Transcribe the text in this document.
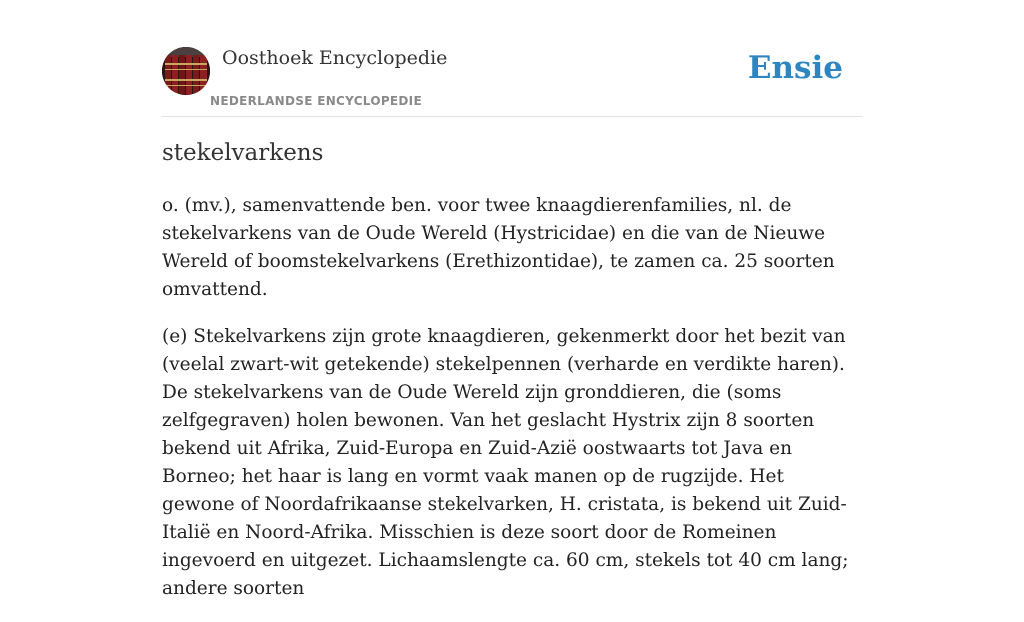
Oosthoek Encyclopedie
NEDERLANDSE ENCYCLOPEDIE
Ensie
stekelvarkens

o. (mv.), samenvattende ben. voor twee knaagdierenfamilies, nl. de stekelvarkens van de Oude Wereld (Hystricidae) en die van de Nieuwe Wereld of boomstekelvarkens (Erethizontidae), te zamen ca. 25 soorten omvattend.

(e) Stekelvarkens zijn grote knaagdieren, gekenmerkt door het bezit van (veelal zwart-wit getekende) stekelpennen (verharde en verdikte haren). De stekelvarkens van de Oude Wereld zijn gronddieren, die (soms zelfgegraven) holen bewonen. Van het geslacht Hystrix zijn 8 soorten bekend uit Afrika, Zuid-Europa en Zuid-Azië oostwaarts tot Java en Borneo; het haar is lang en vormt vaak manen op de rugzijde. Het gewone of Noordafrikaanse stekelvarken, H. cristata, is bekend uit Zuid-Italië en Noord-Afrika. Misschien is deze soort door de Romeinen ingevoerd en uitgezet. Lichaamslengte ca. 60 cm, stekels tot 40 cm lang; andere soorten
